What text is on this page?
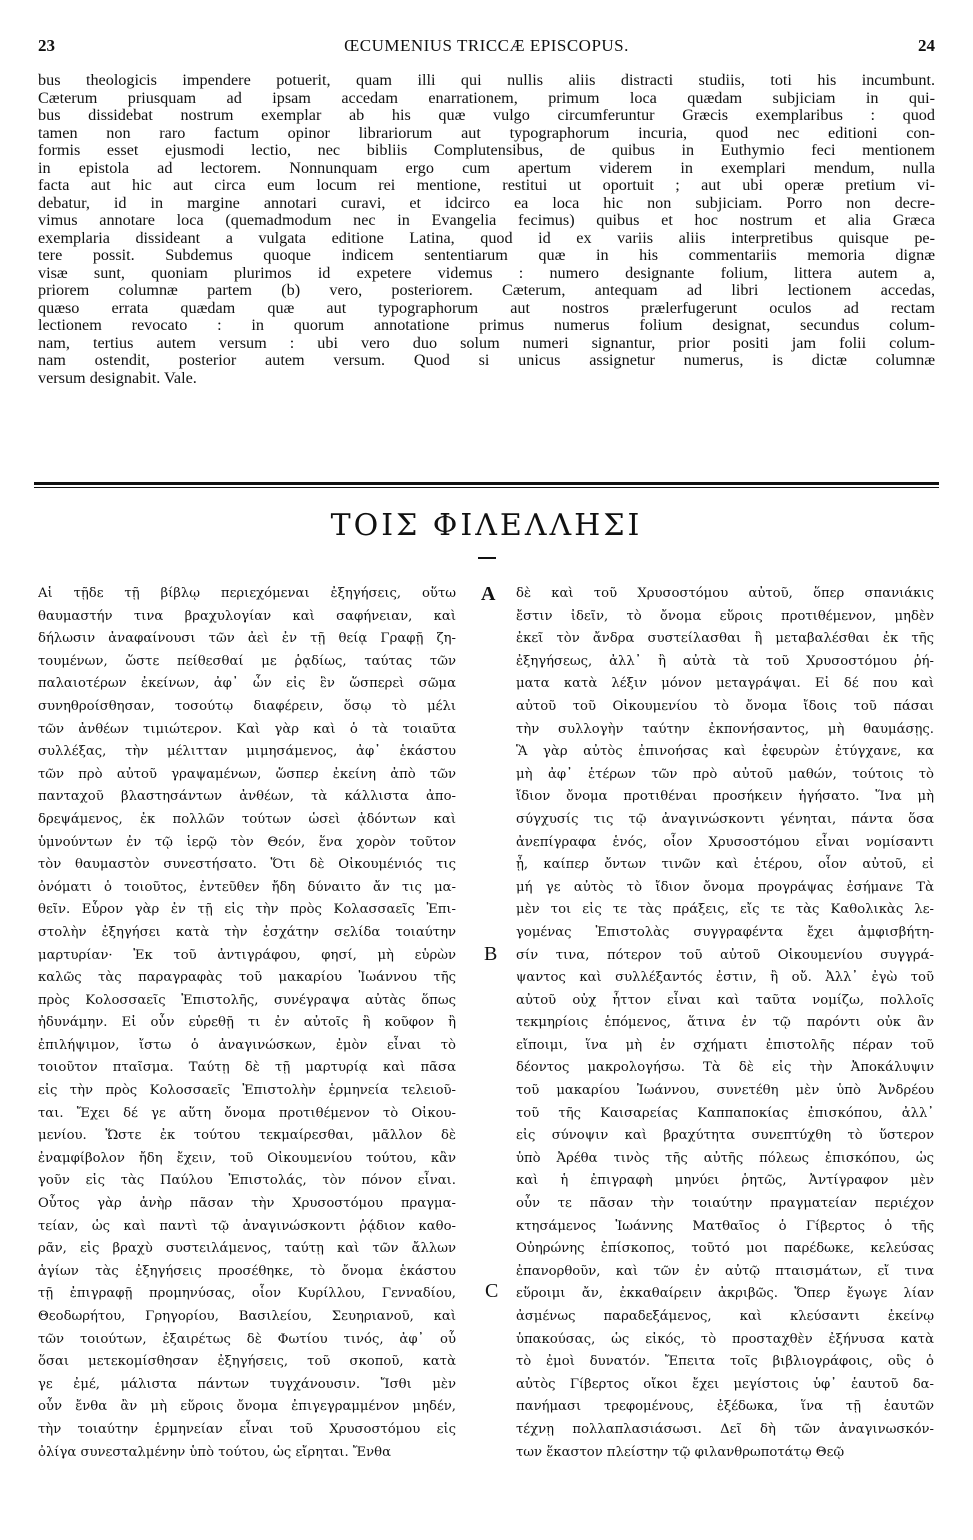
23	ŒCUMENIUS TRICCÆ EPISCOPUS.	24
bus theologicis impendere potuerit, quam illi qui nullis aliis distracti studiis, toti his incumbunt.
Cæterum priusquam ad ipsam accedam enarrationem, primum loca quædam subjiciam in qui-
bus dissidebat nostrum exemplar ab his quæ vulgo circumferuntur Græcis exemplaribus : quod
tamen non raro factum opinor librariorum aut typographorum incuria, quod nec editioni con-
formis esset ejusmodi lectio, nec bibliis Complutensibus, de quibus in Euthymio feci mentionem
in epistola ad lectorem. Nonnunquam ergo cum apertum viderem in exemplari mendum, nulla
facta aut hic aut circa eum locum rei mentione, restitui ut oportuit ; aut ubi operæ pretium vi-
debatur, id in margine annotari curavi, et idcirco ea loca hic non subjiciam. Porro non decre-
vimus annotare loca (quemadmodum nec in Evangelia fecimus) quibus et hoc nostrum et alia Græca
exemplaria dissideant a vulgata editione Latina, quod id ex variis aliis interpretibus quisque pe-
tere possit. Subdemus quoque indicem sententiarum quæ in his commentariis memoria dignæ
visæ sunt, quoniam plurimos id expetere videmus : numero designante folium, littera autem a,
priorem columnæ partem (b) vero, posteriorem. Cæterum, antequam ad libri lectionem accedas,
quæso errata quædam quæ aut typographorum aut nostros prælerfugerunt oculos ad rectam
lectionem revocato : in quorum annotatione primus numerus folium designat, secundus colum-
nam, tertius autem versum : ubi vero duo solum numeri signantur, prior positi jam folii colum-
nam ostendit, posterior autem versum. Quod si unicus assignetur numerus, is dictæ columnæ
versum designabit. Vale.
ΤΟΙΣ ΦΙΛΕΛΛΗΣΙ
Αἱ τῇδε τῇ βίβλῳ περιεχόμεναι ἐξηγήσεις, οὕτω
θαυμαστήν τινα βραχυλογίαν καὶ σαφήνειαν, καὶ
δήλωσιν ἀναφαίνουσι τῶν ἀεὶ ἐν τῇ θείᾳ Γραφῇ ζη-
τουμένων, ὥστε πείθεσθαί με ῥᾳδίως, ταύτας τῶν
παλαιοτέρων ἐκείνων, ἀφ᾽ ὧν εἰς ἓν ὥσπερεὶ σῶμα
συνηθροίσθησαν, τοσούτῳ διαφέρειν, ὅσῳ τὸ μέλι
τῶν ἀνθέων τιμιώτερον. Καὶ γὰρ καὶ ὁ τὰ τοιαῦτα
συλλέξας, τὴν μέλιτταν μιμησάμενος, ἀφ᾽ ἑκάστου
τῶν πρὸ αὐτοῦ γραψαμένων, ὥσπερ ἐκείνη ἀπὸ τῶν
πανταχοῦ βλαστησάντων ἀνθέων, τὰ κάλλιστα ἀπο-
δρεψάμενος, ἐκ πολλῶν τούτων ὡσεὶ ᾀδόντων καὶ
ὑμνούντων ἐν τῷ ἱερῷ τὸν Θεόν, ἕνα χορὸν τοῦτον
τὸν θαυμαστὸν συνεστήσατο. Ὅτι δὲ Οἰκουμένιός τις
ὀνόματι ὁ τοιοῦτος, ἐντεῦθεν ἤδη δύναιτο ἄν τις μα-
θεῖν. Εὗρον γὰρ ἐν τῇ εἰς τὴν πρὸς Κολασσαεῖς Ἐπι-
στολὴν ἐξηγήσει κατὰ τὴν ἐσχάτην σελίδα τοιαύτην
μαρτυρίαν· Ἐκ τοῦ ἀντιγράφου, φησί, μὴ εὑρὼν
καλῶς τὰς παραγραφὰς τοῦ μακαρίου Ἰωάννου τῆς
πρὸς Κολοσσαεῖς Ἐπιστολῆς, συνέγραψα αὐτὰς ὅπως
ἠδυνάμην. Εἰ οὖν εὑρεθῇ τι ἐν αὐτοῖς ἢ κοῦφον ἢ
ἐπιλήψιμον, ἴστω ὁ ἀναγινώσκων, ἐμὸν εἶναι τὸ
τοιοῦτον πταῖσμα. Ταύτῃ δὲ τῇ μαρτυρίᾳ καὶ πᾶσα
εἰς τὴν πρὸς Κολοσσαεῖς Ἐπιστολὴν ἑρμηνεία τελειοῦ-
ται. Ἔχει δέ γε αὕτη ὄνομα προτιθέμενον τὸ Οἰκου-
μενίου. Ὥστε ἐκ τούτου τεκμαίρεσθαι, μᾶλλον δὲ
ἐναμφίβολον ἤδη ἔχειν, τοῦ Οἰκουμενίου τούτου, κἂν
γοῦν εἰς τὰς Παύλου Ἐπιστολάς, τὸν πόνον εἶναι.
Οὗτος γὰρ ἀνὴρ πᾶσαν τὴν Χρυσοστόμου πραγμα-
τείαν, ὡς καὶ παντὶ τῷ ἀναγινώσκοντι ῥᾴδιον καθο-
ρᾶν, εἰς βραχὺ συστειλάμενος, ταύτῃ καὶ τῶν ἄλλων
ἁγίων τὰς ἐξηγήσεις προσέθηκε, τὸ ὄνομα ἑκάστου
τῇ ἐπιγραφῇ προμηνύσας, οἷον Κυρίλλου, Γενναδίου,
Θεοδωρήτου, Γρηγορίου, Βασιλείου, Σευηριανοῦ, καὶ
τῶν τοιούτων, ἐξαιρέτως δὲ Φωτίου τινός, ἀφ᾽ οὗ
ὅσαι μετεκομίσθησαν ἐξηγήσεις, τοῦ σκοποῦ, κατὰ
γε ἐμέ, μάλιστα πάντων τυγχάνουσιν. Ἴσθι μὲν
οὖν ἔνθα ἂν μὴ εὕροις ὄνομα ἐπιγεγραμμένον μηδέν,
τὴν τοιαύτην ἑρμηνείαν εἶναι τοῦ Χρυσοστόμου εἰς
ὀλίγα συνεσταλμένην ὑπὸ τούτου, ὡς εἴρηται. Ἔνθα
δὲ καὶ τοῦ Χρυσοστόμου αὐτοῦ, ὅπερ σπανιάκις
ἔστιν ἰδεῖν, τὸ ὄνομα εὕροις προτιθέμενον, μηδὲν
ἐκεῖ τὸν ἄνδρα συστείλασθαι ἢ μεταβαλέσθαι ἐκ τῆς
ἐξηγήσεως, ἀλλ᾽ ἢ αὐτὰ τὰ τοῦ Χρυσοστόμου ῥή-
ματα κατὰ λέξιν μόνον μεταγράψαι. Εἰ δέ που καὶ
αὐτοῦ τοῦ Οἰκουμενίου τὸ ὄνομα ἴδοις τοῦ πάσαι
τὴν συλλογὴν ταύτην ἐκπονήσαντος, μὴ θαυμάσῃς.
Ἃ γὰρ αὐτὸς ἐπινοήσας καὶ ἐφευρὼν ἐτύγχανε, κα
μὴ ἀφ᾽ ἑτέρων τῶν πρὸ αὐτοῦ μαθών, τούτοις τὸ
ἴδιον ὄνομα προτιθέναι προσήκειν ἡγήσατο. Ἵνα μὴ
σύγχυσίς τις τῷ ἀναγινώσκοντι γένηται, πάντα ὅσα
ἀνεπίγραφα ἑνός, οἷον Χρυσοστόμου εἶναι νομίσαντι
ᾖ, καίπερ ὄντων τινῶν καὶ ἑτέρου, οἷον αὐτοῦ, εἰ
μή γε αὐτὸς τὸ ἴδιον ὄνομα προγράψας ἐσήμανε Τὰ
μὲν τοι εἰς τε τὰς πράξεις, εἴς τε τὰς Καθολικὰς λε-
γομένας Ἐπιστολὰς συγγραφέντα ἔχει ἀμφισβήτη-
σίν τινα, πότερον τοῦ αὐτοῦ Οἰκουμενίου συγγρά-
ψαντος καὶ συλλέξαντός ἐστιν, ἢ οὔ. Ἀλλ᾽ ἐγὼ τοῦ
αὐτοῦ οὐχ ἧττον εἶναι καὶ ταῦτα νομίζω, πολλοῖς
τεκμηρίοις ἑπόμενος, ἅτινα ἐν τῷ παρόντι οὐκ ἂν
εἴποιμι, ἵνα μὴ ἐν σχήματι ἐπιστολῆς πέραν τοῦ
δέοντος μακρολογήσω. Τὰ δὲ εἰς τὴν Ἀποκάλυψιν
τοῦ μακαρίου Ἰωάννου, συνετέθη μὲν ὑπὸ Ἀνδρέου
τοῦ τῆς Καισαρείας Καππαποκίας ἐπισκόπου, ἀλλ᾽
εἰς σύνοψιν καὶ βραχύτητα συνεπτύχθη τὸ ὕστερον
ὑπὸ Ἀρέθα τινὸς τῆς αὐτῆς πόλεως ἐπισκόπου, ὡς
καὶ ἡ ἐπιγραφὴ μηνύει ῥητῶς, Ἀντίγραφον μὲν
οὖν τε πᾶσαν τὴν τοιαύτην πραγματείαν περιέχον
κτησάμενος Ἰωάννης Ματθαῖος ὁ Γίβερτος ὁ τῆς
Οὐηρώνης ἐπίσκοπος, τοῦτό μοι παρέδωκε, κελεύσας
ἐπανορθοῦν, καὶ τῶν ἐν αὐτῷ πταισμάτων, εἴ τινα
εὕροιμι ἄν, ἐκκαθαίρειν ἀκριβῶς. Ὅπερ ἔγωγε λίαν
ἀσμένως παραδεξάμενος, καὶ κλεύσαντι ἐκείνῳ
ὑπακούσας, ὡς εἰκός, τὸ προσταχθὲν ἐξήνυσα κατὰ
τὸ ἐμοὶ δυνατόν. Ἔπειτα τοῖς βιβλιογράφοις, οὓς ὁ
αὐτὸς Γίβερτος οἴκοι ἔχει μεγίστοις ὑφ᾽ ἑαυτοῦ δα-
πανήμασι τρεφομένους, ἐξέδωκα, ἵνα τῇ ἑαυτῶν
τέχνῃ πολλαπλασιάσωσι. Δεῖ δὴ τῶν ἀναγινωσκόν-
των ἕκαστον πλείστην τῷ φιλανθρωποτάτῳ Θεῷ
A
B
C
